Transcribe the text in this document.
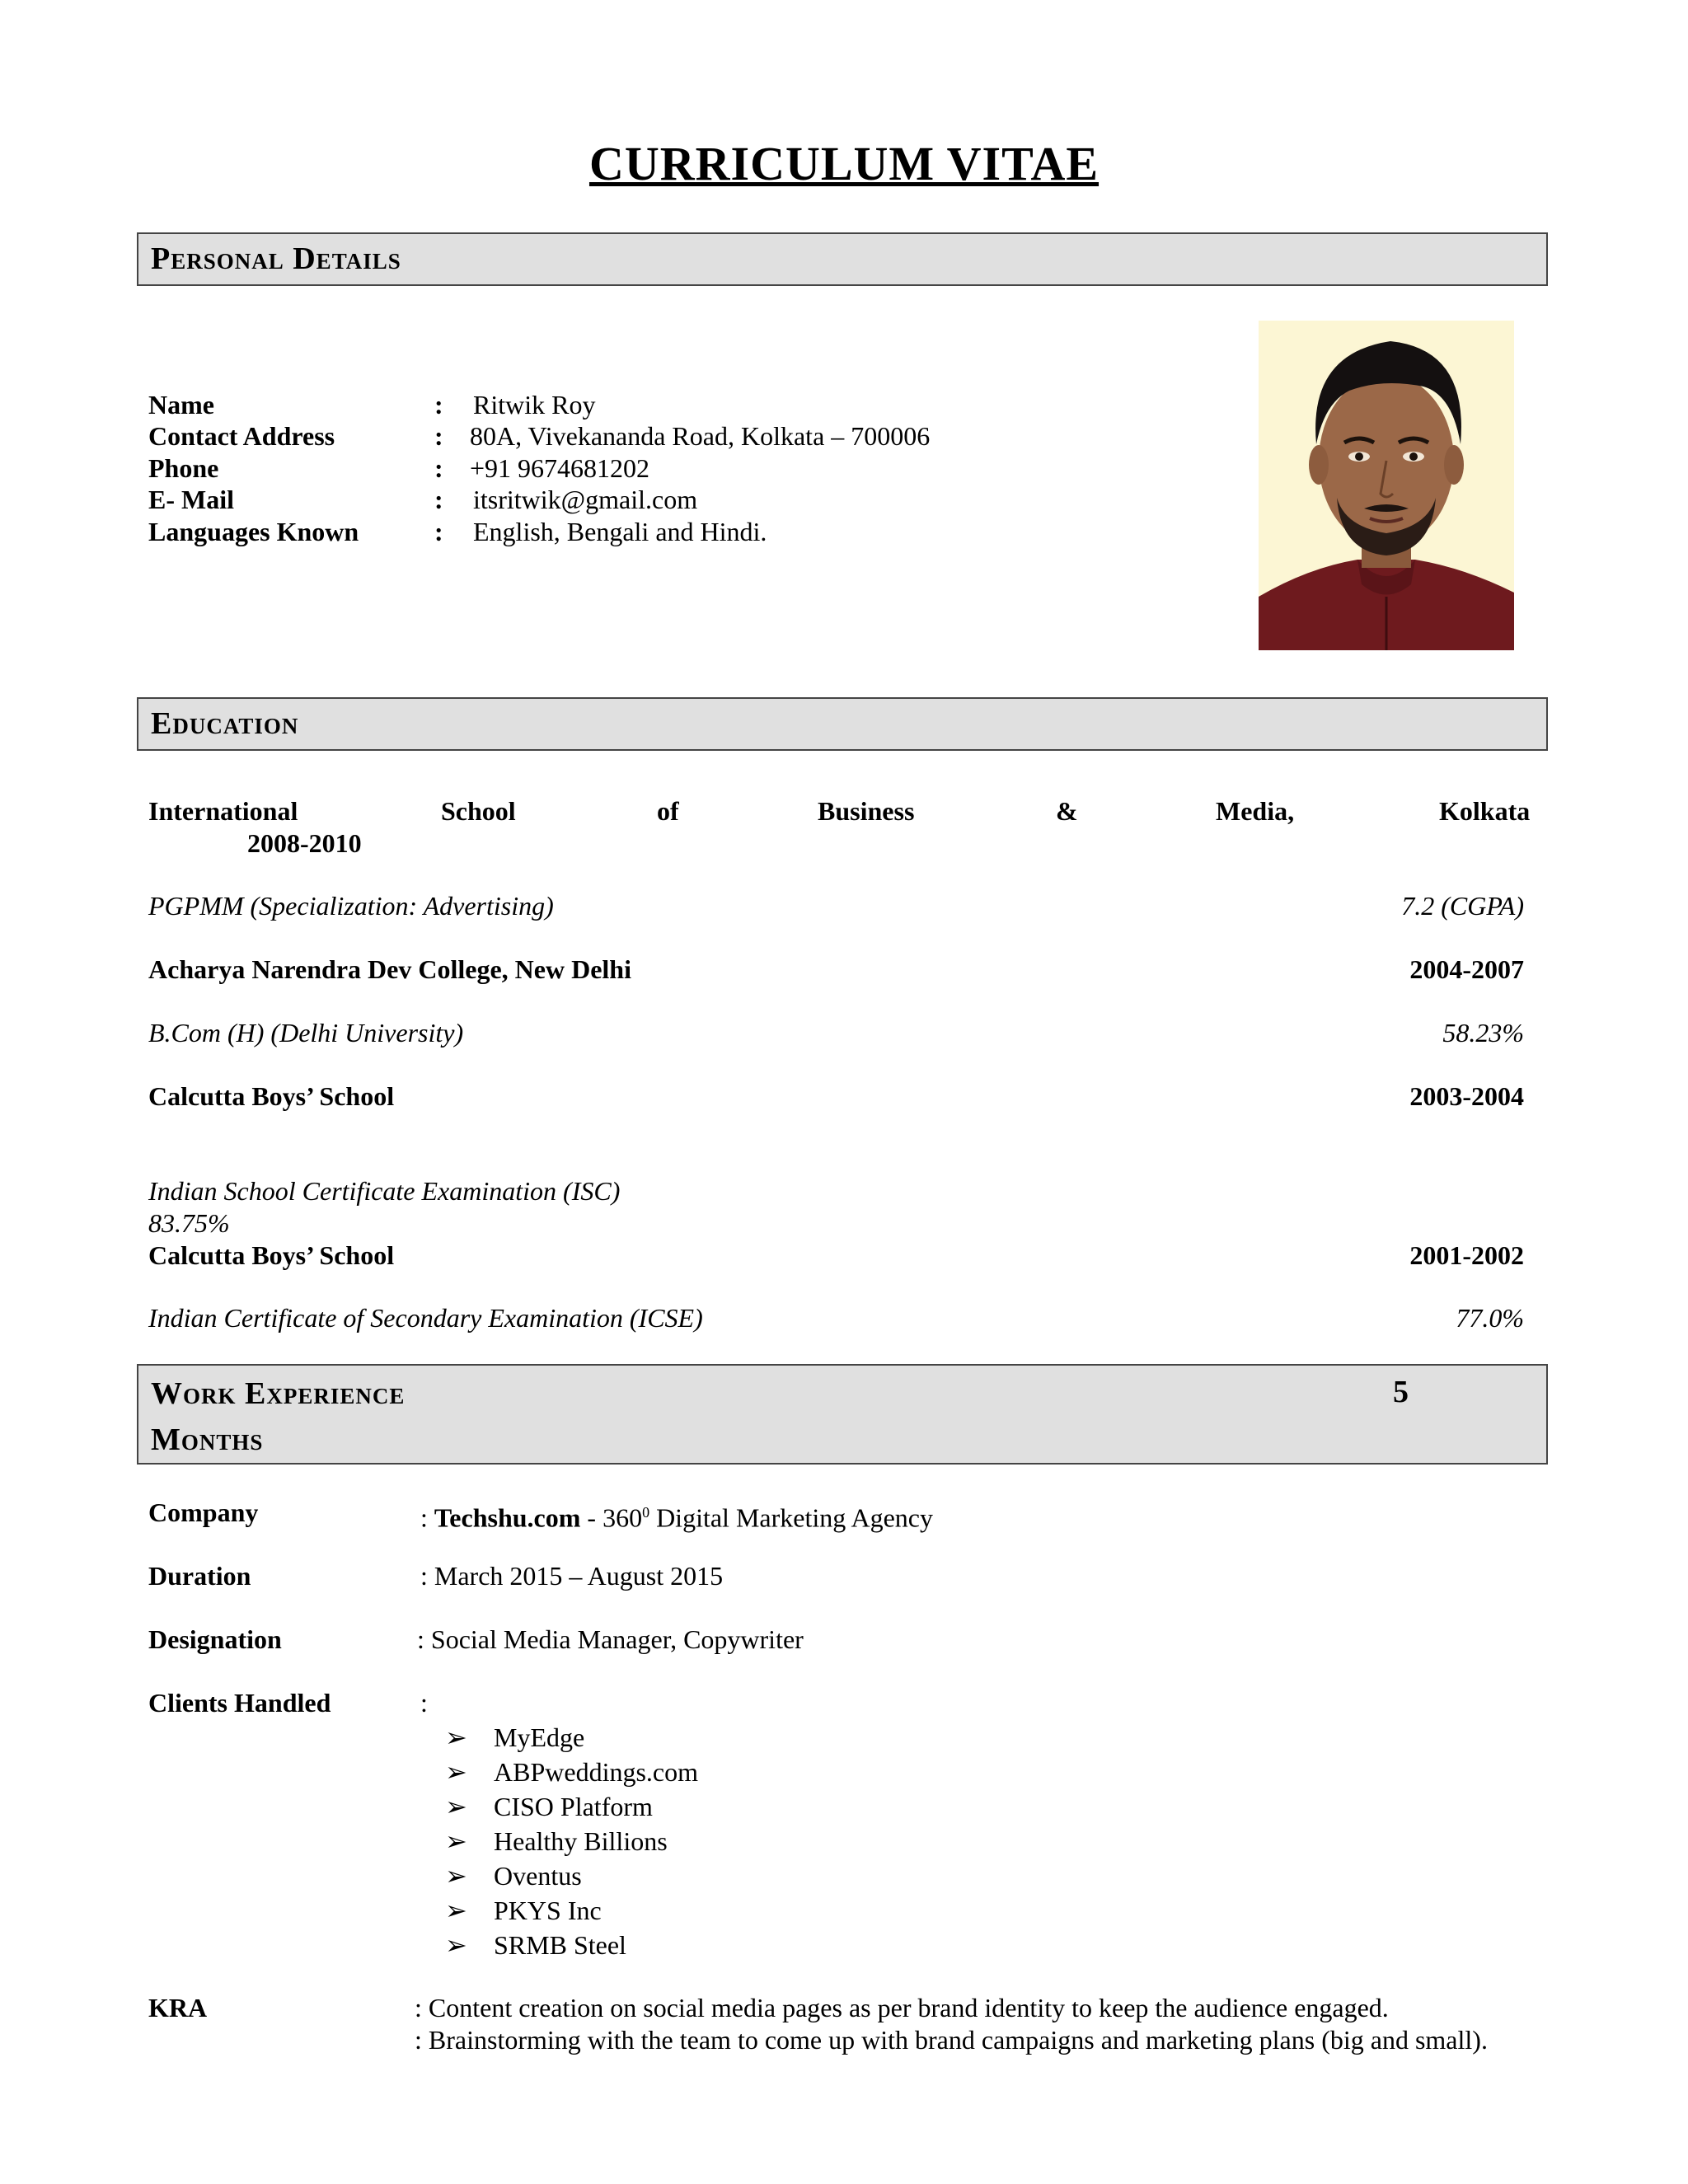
CURRICULUM VITAE
Personal Details
Name	: Ritwik Roy
Contact Address	: 80A, Vivekananda Road, Kolkata – 700006
Phone	: +91 9674681202
E- Mail	: itsritwik@gmail.com
Languages Known	: English, Bengali and Hindi.
Education
International	School	of	Business	&	Media,	Kolkata
2008-2010
PGPMM (Specialization: Advertising)	7.2 (CGPA)
Acharya Narendra Dev College, New Delhi	2004-2007
B.Com (H) (Delhi University)	58.23%
Calcutta Boys’ School	2003-2004
Indian School Certificate Examination (ISC)
83.75%
Calcutta Boys’ School	2001-2002
Indian Certificate of Secondary Examination (ICSE)	77.0%
Work Experience	5
Months
Company	: Techshu.com - $360^0$ Digital Marketing Agency
Duration	: March 2015 – August 2015
Designation	: Social Media Manager, Copywriter
Clients Handled	:
➢ MyEdge
➢ ABPweddings.com
➢ CISO Platform
➢ Healthy Billions
➢ Oventus
➢ PKYS Inc
➢ SRMB Steel
KRA	: Content creation on social media pages as per brand identity to keep the audience engaged.
: Brainstorming with the team to come up with brand campaigns and marketing plans (big and small).
